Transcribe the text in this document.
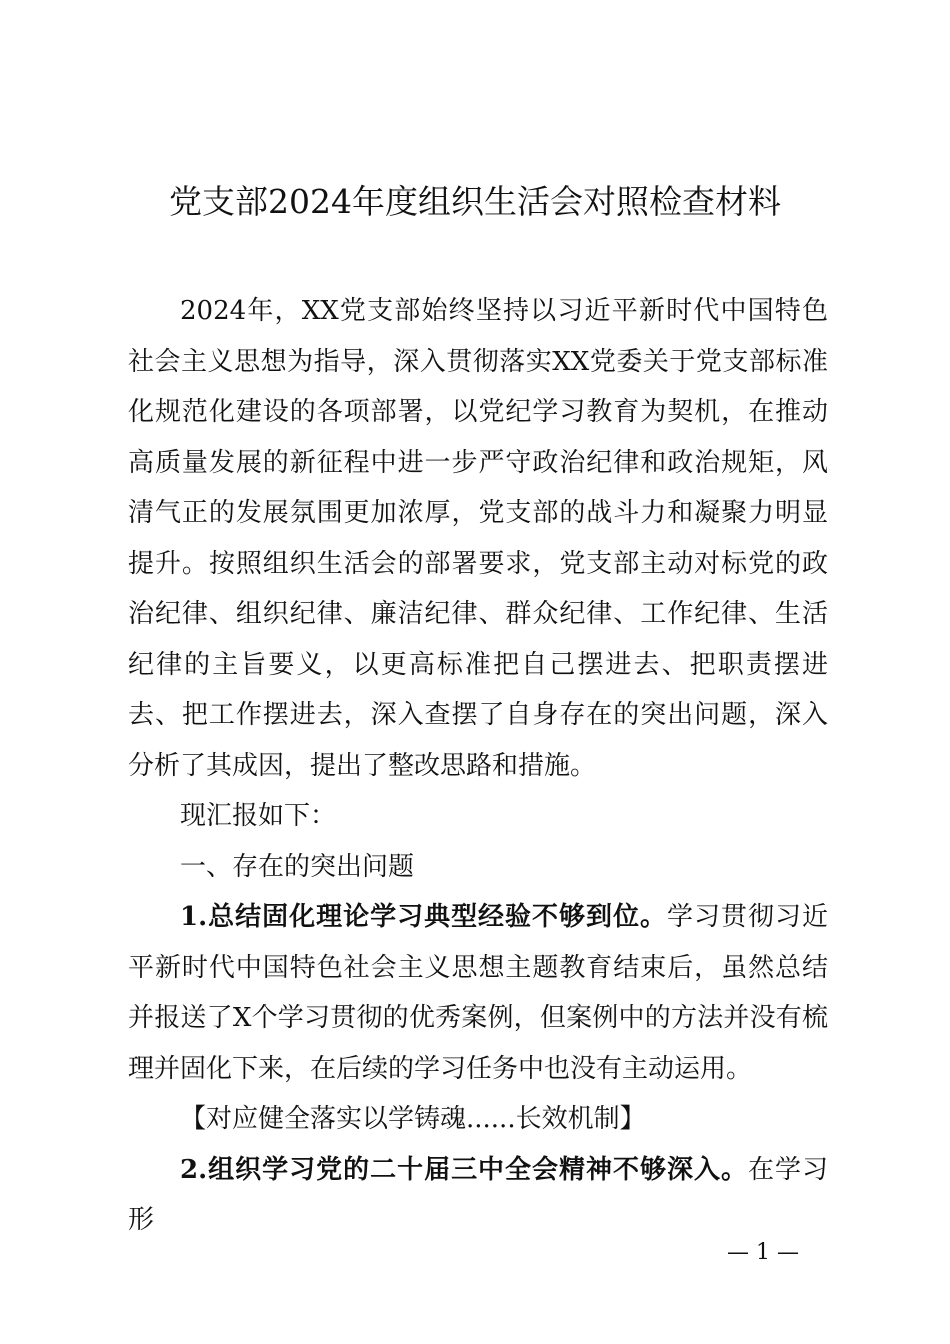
党支部2024年度组织生活会对照检查材料

2024年，XX党支部始终坚持以习近平新时代中国特色社会主义思想为指导，深入贯彻落实XX党委关于党支部标准化规范化建设的各项部署，以党纪学习教育为契机，在推动高质量发展的新征程中进一步严守政治纪律和政治规矩，风清气正的发展氛围更加浓厚，党支部的战斗力和凝聚力明显提升。按照组织生活会的部署要求，党支部主动对标党的政治纪律、组织纪律、廉洁纪律、群众纪律、工作纪律、生活纪律的主旨要义，以更高标准把自己摆进去、把职责摆进去、把工作摆进去，深入查摆了自身存在的突出问题，深入分析了其成因，提出了整改思路和措施。

现汇报如下：

一、存在的突出问题

1.总结固化理论学习典型经验不够到位。学习贯彻习近平新时代中国特色社会主义思想主题教育结束后，虽然总结并报送了X个学习贯彻的优秀案例，但案例中的方法并没有梳理并固化下来，在后续的学习任务中也没有主动运用。

【对应健全落实以学铸魂......长效机制】

2.组织学习党的二十届三中全会精神不够深入。在学习形

— 1 —
